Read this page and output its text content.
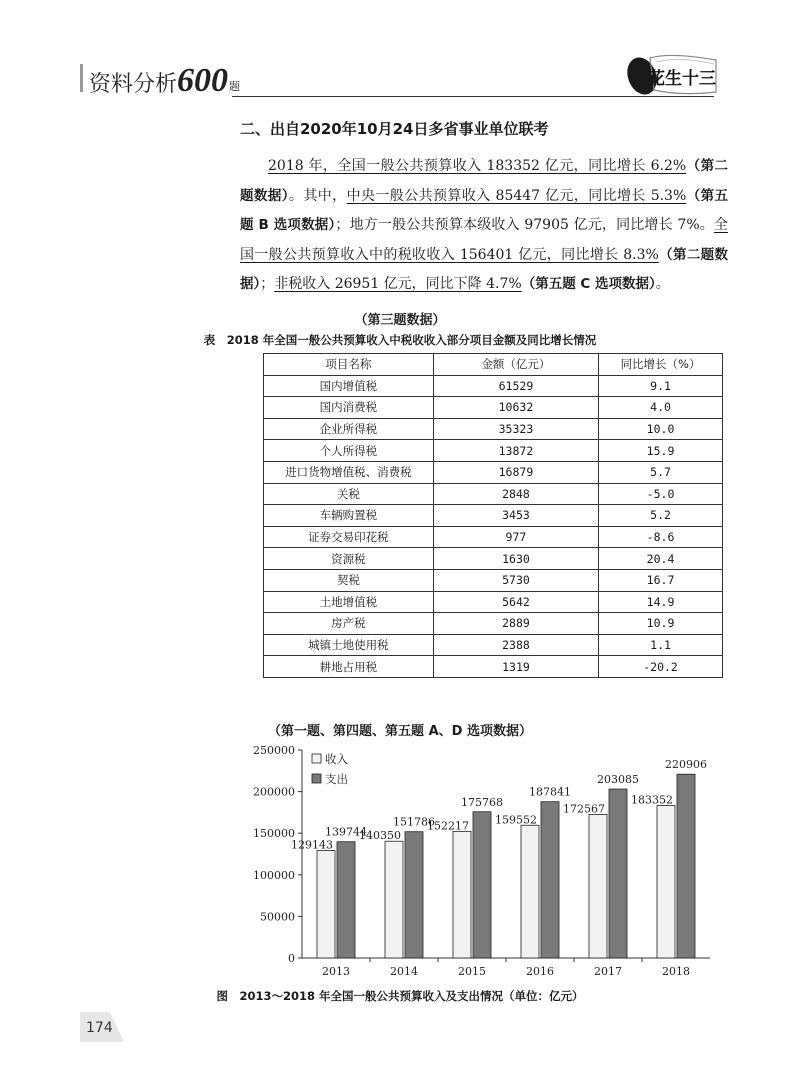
资料分析 600 题	花生十三
二、出自2020年10月24日多省事业单位联考
2018 年，全国一般公共预算收入 183352 亿元，同比增长 6.2%（第二题数据）。其中，中央一般公共预算收入 85447 亿元，同比增长 5.3%（第五题 B 选项数据）；地方一般公共预算本级收入 97905 亿元，同比增长 7%。全国一般公共预算收入中的税收收入 156401 亿元，同比增长 8.3%（第二题数据）；非税收入 26951 亿元，同比下降 4.7%（第五题 C 选项数据）。
（第三题数据）
表　2018 年全国一般公共预算收入中税收收入部分项目金额及同比增长情况
项目名称	金额（亿元）	同比增长（%）
国内增值税	61529	9.1
国内消费税	10632	4.0
企业所得税	35323	10.0
个人所得税	13872	15.9
进口货物增值税、消费税	16879	5.7
关税	2848	-5.0
车辆购置税	3453	5.2
证券交易印花税	977	-8.6
资源税	1630	20.4
契税	5730	16.7
土地增值税	5642	14.9
房产税	2889	10.9
城镇土地使用税	2388	1.1
耕地占用税	1319	-20.2
（第一题、第四题、第五题 A、D 选项数据）
0
50000
100000
150000
200000
250000
129143
139744
2013
140350
151786
2014
152217
175768
2015
159552
187841
2016
172567
203085
2017
183352
220906
2018
收入
支出
图　2013～2018 年全国一般公共预算收入及支出情况（单位：亿元）
174
